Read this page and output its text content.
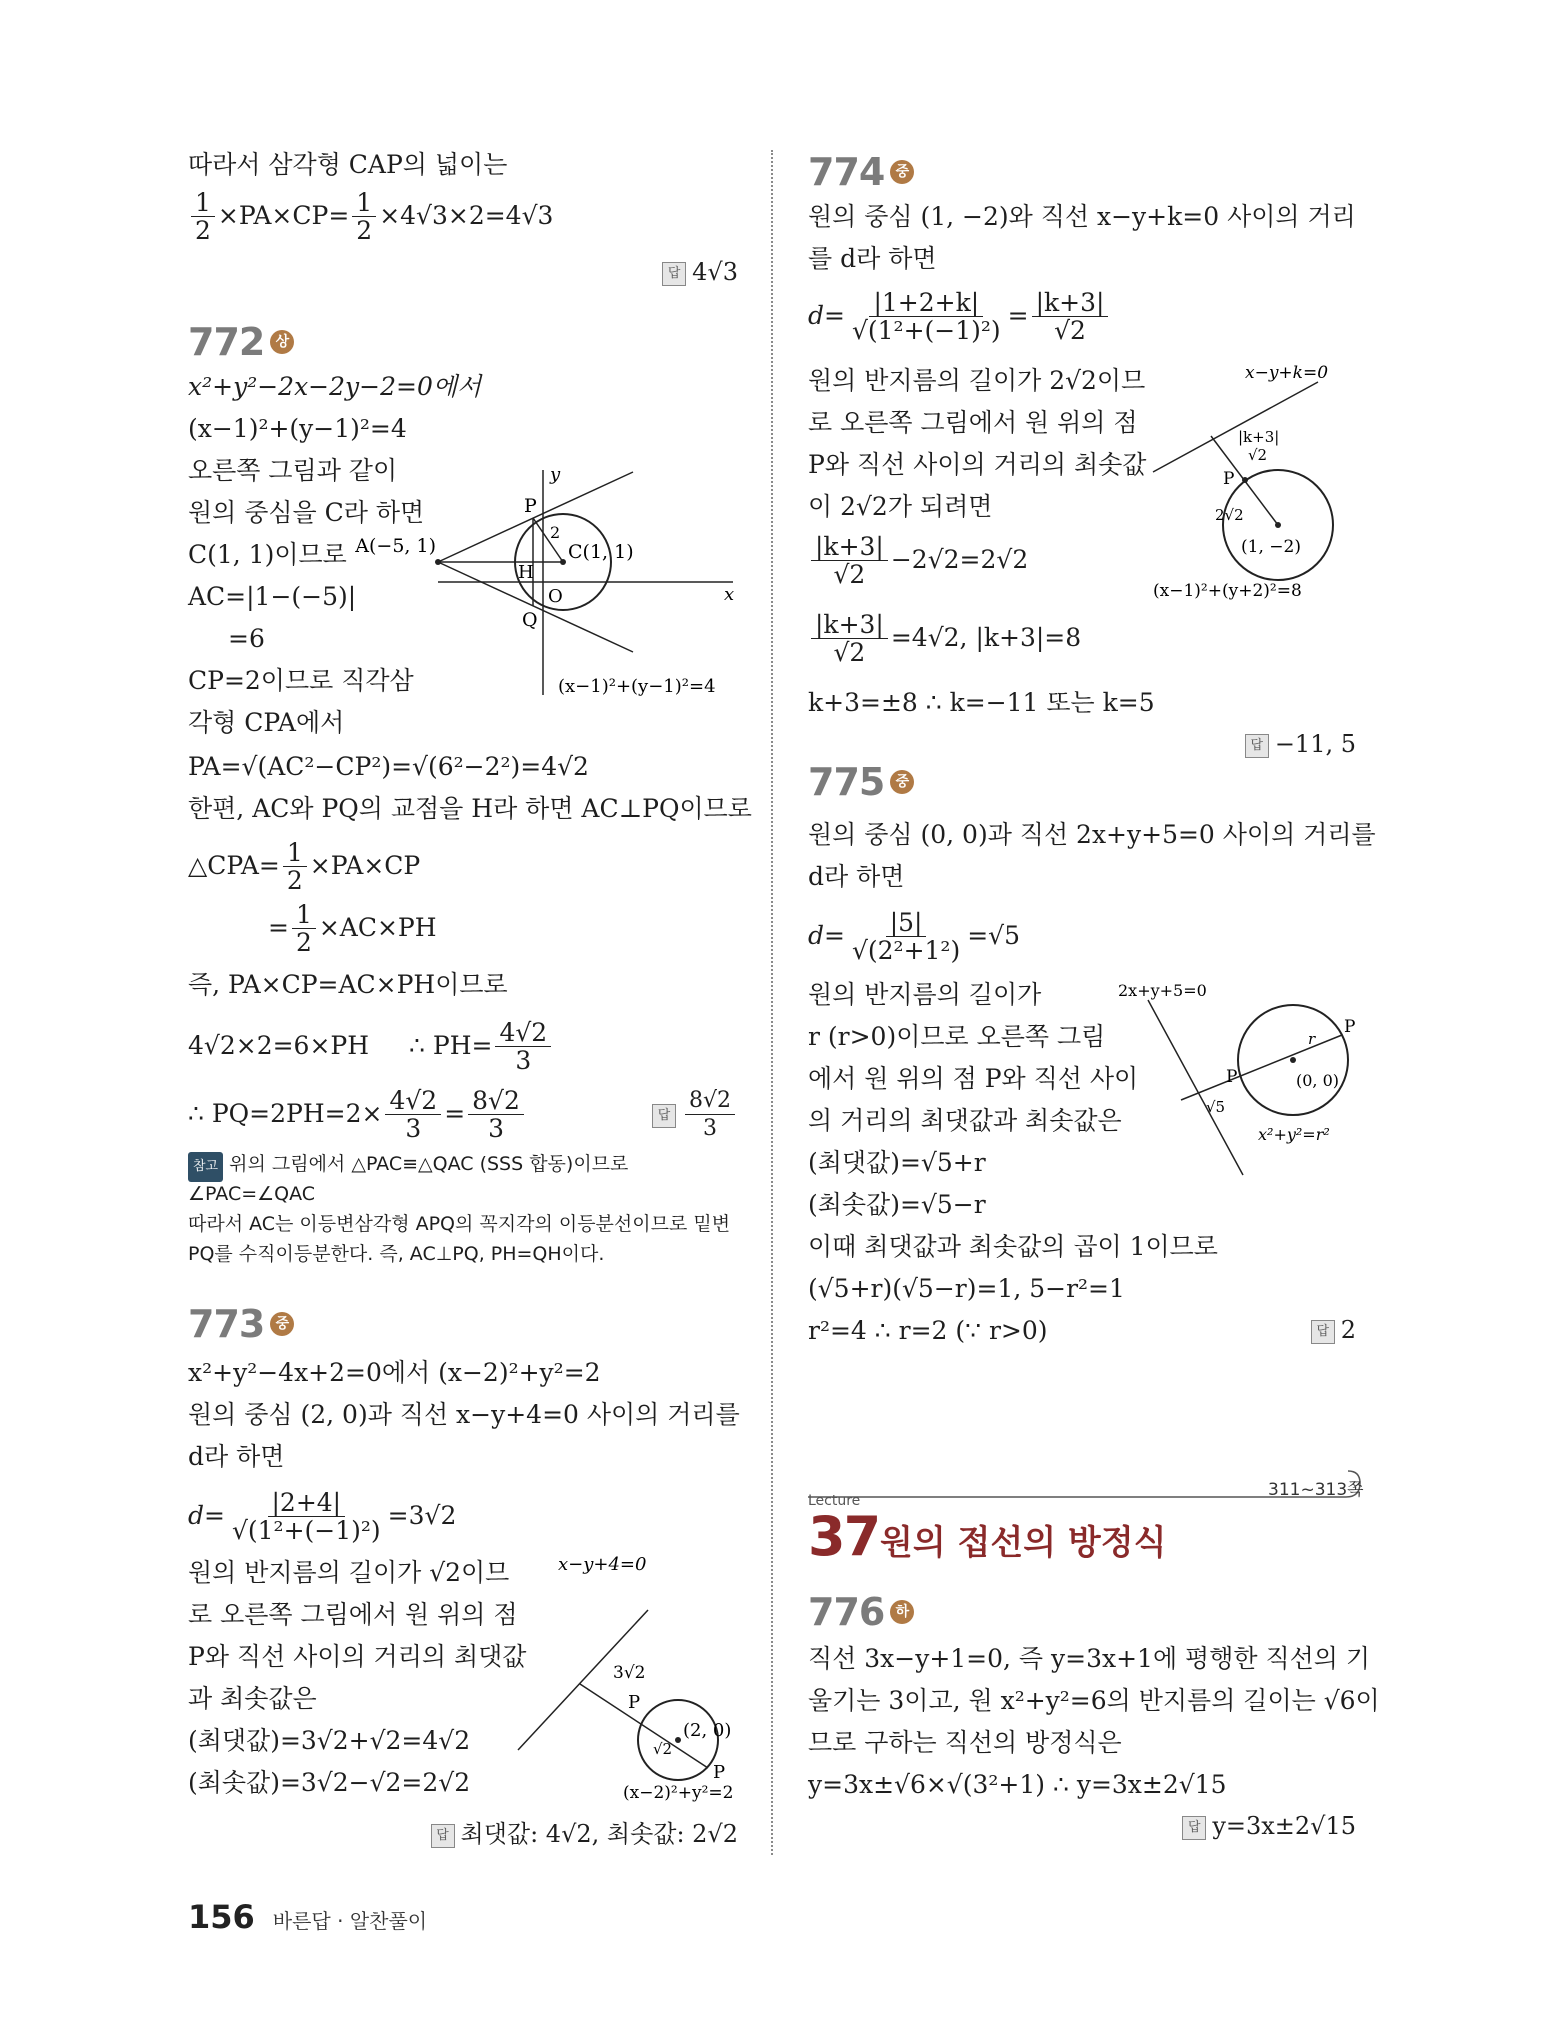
따라서 삼각형 CAP의 넓이는
$\frac{1}{2} \times PA\times CP= \frac{1}{2} \times 4√3\times 2=4√3$
답 4√3
772 상
x²+y²−2x−2y−2=0에서
(x−1)²+(y−1)²=4
오른쪽 그림과 같이
원의 중심을 C라 하면
C(1, 1)이므로
AC=|1−(−5)|
=6
CP=2이므로 직각삼
각형 CPA에서
PA=√(AC²−CP²)=√(6²−2²)=4√2
한편, AC와 PQ의 교점을 H라 하면 AC⊥PQ이므로
△CPA= $\frac{1}{2} \times PA\times CP$
= $\frac{1}{2} \times AC\times PH$
즉, PA×CP=AC×PH이므로
4√2×2=6×PH ∴ $PH= \frac{4√2}{3}$
∴ $PQ=2PH=2\times \frac{4√2}{3} = \frac{8√2}{3}$	답 $\frac{8√2}{3}$
참고 위의 그림에서 △PAC≡△QAC (SSS 합동)이므로
∠PAC=∠QAC
따라서 AC는 이등변삼각형 APQ의 꼭지각의 이등분선이므로 밑변
PQ를 수직이등분한다. 즉, AC⊥PQ, PH=QH이다.
A(−5, 1)	C(1, 1)
P
Q
H
O	x
y
2
(x−1)²+(y−1)²=4
773 중
x²+y²−4x+2=0에서 (x−2)²+y²=2
원의 중심 (2, 0)과 직선 x−y+4=0 사이의 거리를
d라 하면
$d= \frac{|2+4|}{\text{√(1²+(−1)²)}} =3√2$
원의 반지름의 길이가 √2이므
로 오른쪽 그림에서 원 위의 점
P와 직선 사이의 거리의 최댓값
과 최솟값은
(최댓값)=3√2+√2=4√2
(최솟값)=3√2−√2=2√2
답 최댓값: 4√2, 최솟값: 2√2
x−y+4=0
(2, 0)
3√2
√2
P
P
(x−2)²+y²=2
774 중
원의 중심 (1, −2)와 직선 x−y+k=0 사이의 거리
를 d라 하면
$d= \frac{|1+2+k|}{\text{√(1²+(−1)²)}} = \frac{|k+3|}{√2}$
원의 반지름의 길이가 2√2이므
로 오른쪽 그림에서 원 위의 점
P와 직선 사이의 거리의 최솟값
이 2√2가 되려면
$\frac{|k+3|}{√2} -2√2=2√2$
$\frac{|k+3|}{√2} =4√2$, |k+3|=8
k+3=±8 ∴ k=−11 또는 k=5
답 −11, 5
x−y+k=0
|k+3|
√2
P
2√2
(1, −2)
(x−1)²+(y+2)²=8
775 중
원의 중심 (0, 0)과 직선 2x+y+5=0 사이의 거리를
d라 하면
$d= \frac{|5|}{\text{√(2²+1²)}} =√5$
원의 반지름의 길이가
r (r>0)이므로 오른쪽 그림
에서 원 위의 점 P와 직선 사이
의 거리의 최댓값과 최솟값은
(최댓값)=√5+r
(최솟값)=√5−r
이때 최댓값과 최솟값의 곱이 1이므로
(√5+r)(√5−r)=1, 5−r²=1
r²=4 ∴ r=2 (∵ r>0)	답 2
2x+y+5=0
(0, 0)
√5
r
P
P
x²+y²=r²
311~313쪽
Lecture
37 원의 접선의 방정식
776 하
직선 3x−y+1=0, 즉 y=3x+1에 평행한 직선의 기
울기는 3이고, 원 x²+y²=6의 반지름의 길이는 √6이
므로 구하는 직선의 방정식은
y=3x±√6×√(3²+1) ∴ y=3x±2√15
답 y=3x±2√15
156 바른답 · 알찬풀이
